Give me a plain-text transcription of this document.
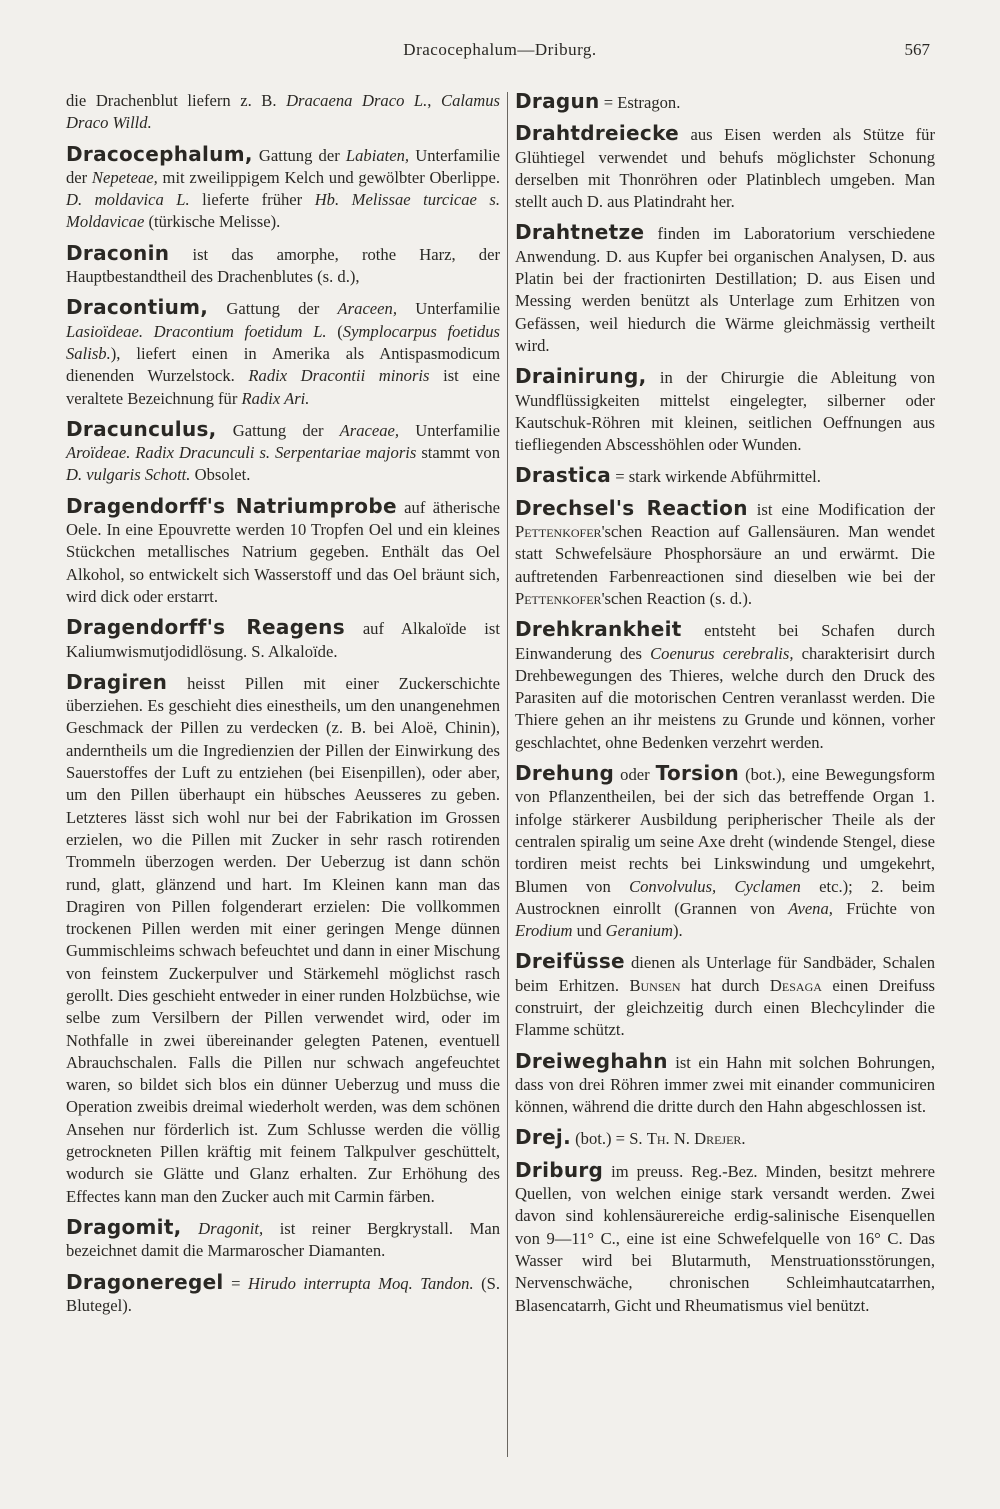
Dracocephalum—Driburg.	567

die Drachenblut liefern z. B. Dracaena Draco L., Calamus Draco Willd.

Dracocephalum, Gattung der Labiaten, Unterfamilie der Nepeteae, mit zweilippigem Kelch und gewölbter Oberlippe. D. moldavica L. lieferte früher Hb. Melissae turcicae s. Moldavicae (türkische Melisse).

Draconin ist das amorphe, rothe Harz, der Hauptbestandtheil des Drachenblutes (s. d.),

Dracontium, Gattung der Araceen, Unterfamilie Lasioïdeae. Dracontium foetidum L. (Symplocarpus foetidus Salisb.), liefert einen in Amerika als Antispasmodicum dienenden Wurzelstock. Radix Dracontii minoris ist eine veraltete Bezeichnung für Radix Ari.

Dracunculus, Gattung der Araceae, Unterfamilie Aroïdeae. Radix Dracunculi s. Serpentariae majoris stammt von D. vulgaris Schott. Obsolet.

Dragendorff's Natriumprobe auf ätherische Oele. In eine Epouvrette werden 10 Tropfen Oel und ein kleines Stückchen metallisches Natrium gegeben. Enthält das Oel Alkohol, so entwickelt sich Wasserstoff und das Oel bräunt sich, wird dick oder erstarrt.

Dragendorff's Reagens auf Alkaloïde ist Kaliumwismutjodidlösung. S. Alkaloïde.

Dragiren heisst Pillen mit einer Zuckerschichte überziehen. Es geschieht dies einestheils, um den unangenehmen Geschmack der Pillen zu verdecken (z. B. bei Aloë, Chinin), anderntheils um die Ingredienzien der Pillen der Einwirkung des Sauerstoffes der Luft zu entziehen (bei Eisenpillen), oder aber, um den Pillen überhaupt ein hübsches Aeusseres zu geben. Letzteres lässt sich wohl nur bei der Fabrikation im Grossen erzielen, wo die Pillen mit Zucker in sehr rasch rotirenden Trommeln überzogen werden. Der Ueberzug ist dann schön rund, glatt, glänzend und hart. Im Kleinen kann man das Dragiren von Pillen folgenderart erzielen: Die vollkommen trockenen Pillen werden mit einer geringen Menge dünnen Gummischleims schwach befeuchtet und dann in einer Mischung von feinstem Zuckerpulver und Stärkemehl möglichst rasch gerollt. Dies geschieht entweder in einer runden Holzbüchse, wie selbe zum Versilbern der Pillen verwendet wird, oder im Nothfalle in zwei übereinander gelegten Patenen, eventuell Abrauchschalen. Falls die Pillen nur schwach angefeuchtet waren, so bildet sich blos ein dünner Ueberzug und muss die Operation zweibis dreimal wiederholt werden, was dem schönen Ansehen nur förderlich ist. Zum Schlusse werden die völlig getrockneten Pillen kräftig mit feinem Talkpulver geschüttelt, wodurch sie Glätte und Glanz erhalten. Zur Erhöhung des Effectes kann man den Zucker auch mit Carmin färben.

Dragomit, Dragonit, ist reiner Bergkrystall. Man bezeichnet damit die Marmaroscher Diamanten.

Dragoneregel = Hirudo interrupta Moq. Tandon. (S. Blutegel).

Dragun = Estragon.

Drahtdreiecke aus Eisen werden als Stütze für Glühtiegel verwendet und behufs möglichster Schonung derselben mit Thonröhren oder Platinblech umgeben. Man stellt auch D. aus Platindraht her.

Drahtnetze finden im Laboratorium verschiedene Anwendung. D. aus Kupfer bei organischen Analysen, D. aus Platin bei der fractionirten Destillation; D. aus Eisen und Messing werden benützt als Unterlage zum Erhitzen von Gefässen, weil hiedurch die Wärme gleichmässig vertheilt wird.

Drainirung, in der Chirurgie die Ableitung von Wundflüssigkeiten mittelst eingelegter, silberner oder Kautschuk-Röhren mit kleinen, seitlichen Oeffnungen aus tiefliegenden Abscesshöhlen oder Wunden.

Drastica = stark wirkende Abführmittel.

Drechsel's Reaction ist eine Modification der Pettenkofer'schen Reaction auf Gallensäuren. Man wendet statt Schwefelsäure Phosphorsäure an und erwärmt. Die auftretenden Farbenreactionen sind dieselben wie bei der Pettenkofer'schen Reaction (s. d.).

Drehkrankheit entsteht bei Schafen durch Einwanderung des Coenurus cerebralis, charakterisirt durch Drehbewegungen des Thieres, welche durch den Druck des Parasiten auf die motorischen Centren veranlasst werden. Die Thiere gehen an ihr meistens zu Grunde und können, vorher geschlachtet, ohne Bedenken verzehrt werden.

Drehung oder Torsion (bot.), eine Bewegungsform von Pflanzentheilen, bei der sich das betreffende Organ 1. infolge stärkerer Ausbildung peripherischer Theile als der centralen spiralig um seine Axe dreht (windende Stengel, diese tordiren meist rechts bei Linkswindung und umgekehrt, Blumen von Convolvulus, Cyclamen etc.); 2. beim Austrocknen einrollt (Grannen von Avena, Früchte von Erodium und Geranium).

Dreifüsse dienen als Unterlage für Sandbäder, Schalen beim Erhitzen. Bunsen hat durch Desaga einen Dreifuss construirt, der gleichzeitig durch einen Blechcylinder die Flamme schützt.

Dreiweghahn ist ein Hahn mit solchen Bohrungen, dass von drei Röhren immer zwei mit einander communiciren können, während die dritte durch den Hahn abgeschlossen ist.

Drej. (bot.) = S. Th. N. Drejer.

Driburg im preuss. Reg.-Bez. Minden, besitzt mehrere Quellen, von welchen einige stark versandt werden. Zwei davon sind kohlensäurereiche erdig-salinische Eisenquellen von 9—11° C., eine ist eine Schwefelquelle von 16° C. Das Wasser wird bei Blutarmuth, Menstruationsstörungen, Nervenschwäche, chronischen Schleimhautcatarrhen, Blasencatarrh, Gicht und Rheumatismus viel benützt.
